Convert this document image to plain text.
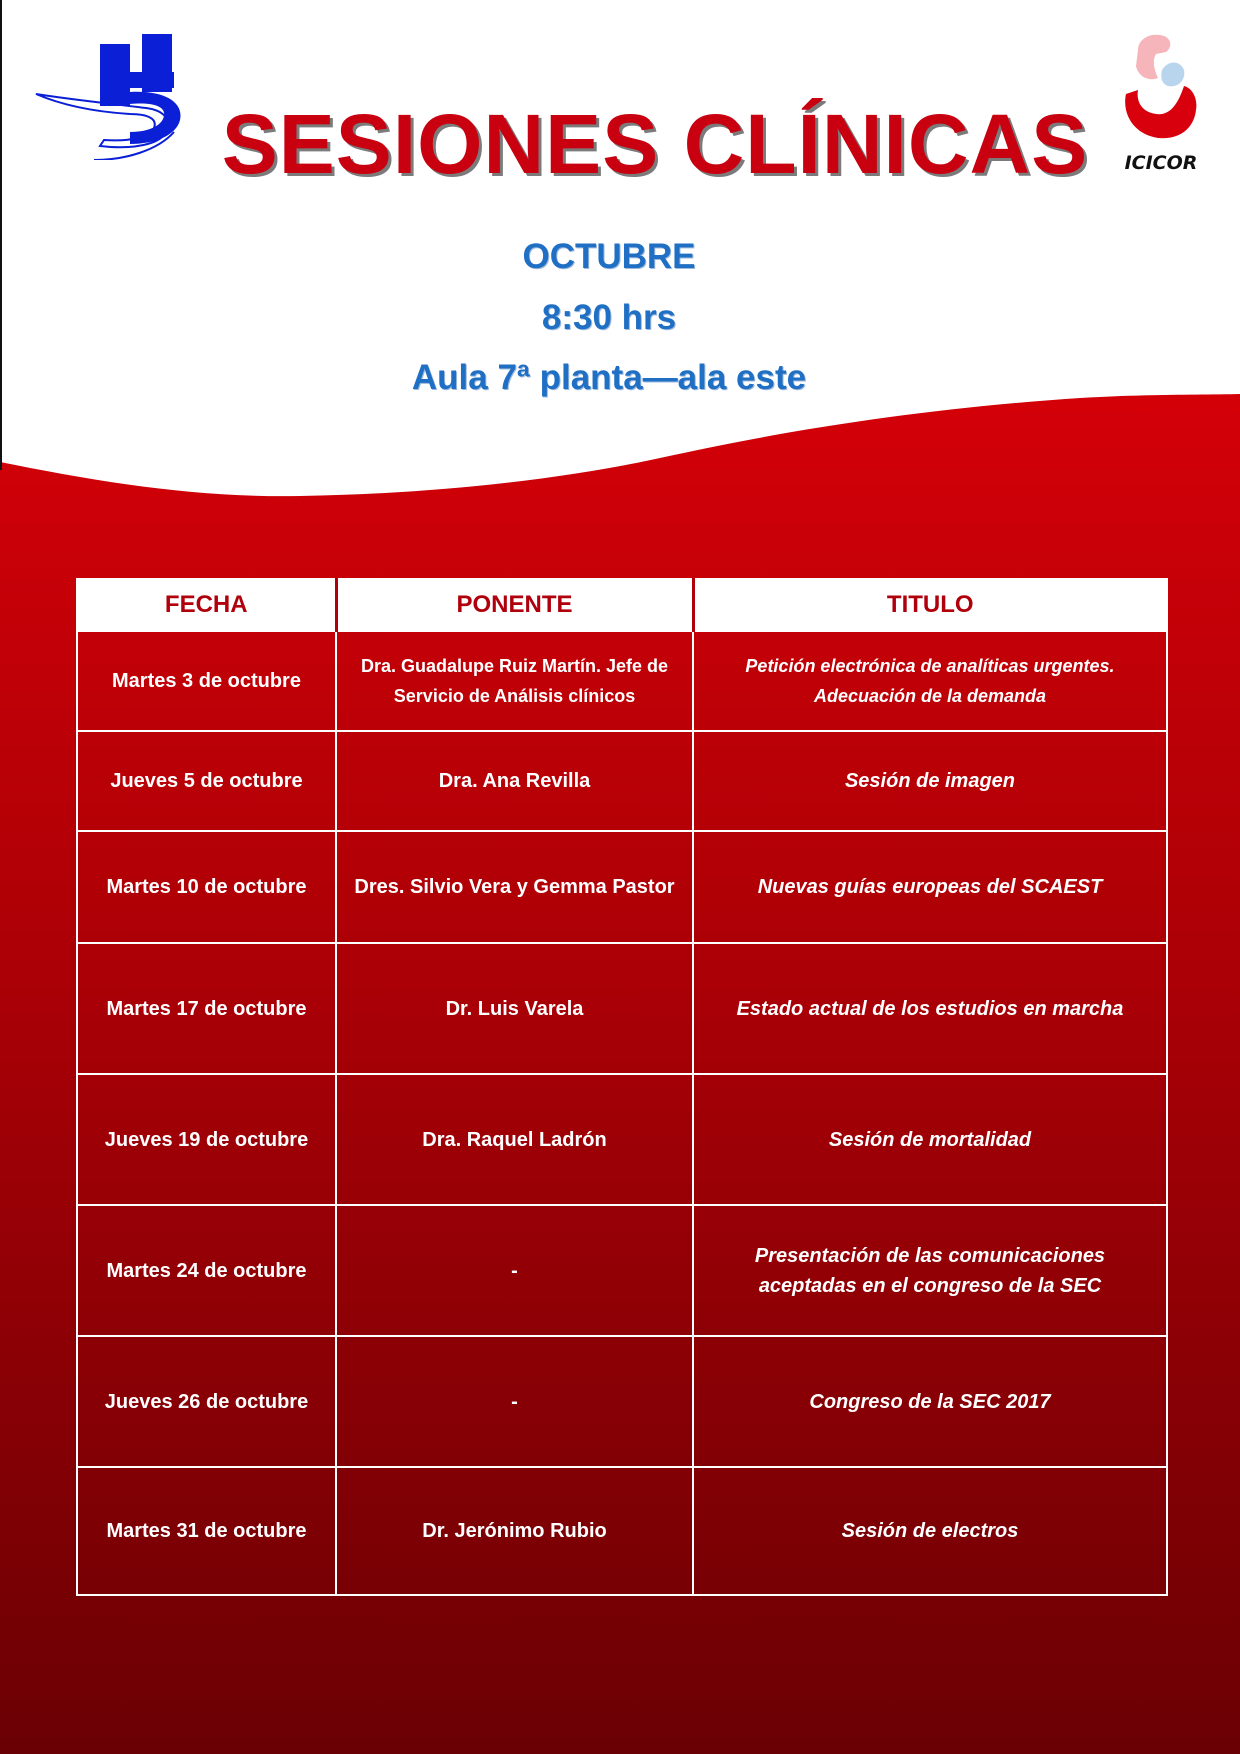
ICICOR
SESIONES CLÍNICAS
OCTUBRE
8:30 hrs
Aula 7ª planta—ala este
FECHA	PONENTE	TITULO
Martes 3 de octubre	Dra. Guadalupe Ruiz Martín. Jefe de Servicio de Análisis clínicos	Petición electrónica de analíticas urgentes. Adecuación de la demanda
Jueves 5 de octubre	Dra. Ana Revilla	Sesión de imagen
Martes 10 de octubre	Dres. Silvio Vera y Gemma Pastor	Nuevas guías europeas del SCAEST
Martes 17 de octubre	Dr. Luis Varela	Estado actual de los estudios en marcha
Jueves 19 de octubre	Dra. Raquel Ladrón	Sesión de mortalidad
Martes 24 de octubre	-	Presentación de las comunicaciones aceptadas en el congreso de la SEC
Jueves 26 de octubre	-	Congreso de la SEC 2017
Martes 31 de octubre	Dr. Jerónimo Rubio	Sesión de electros
